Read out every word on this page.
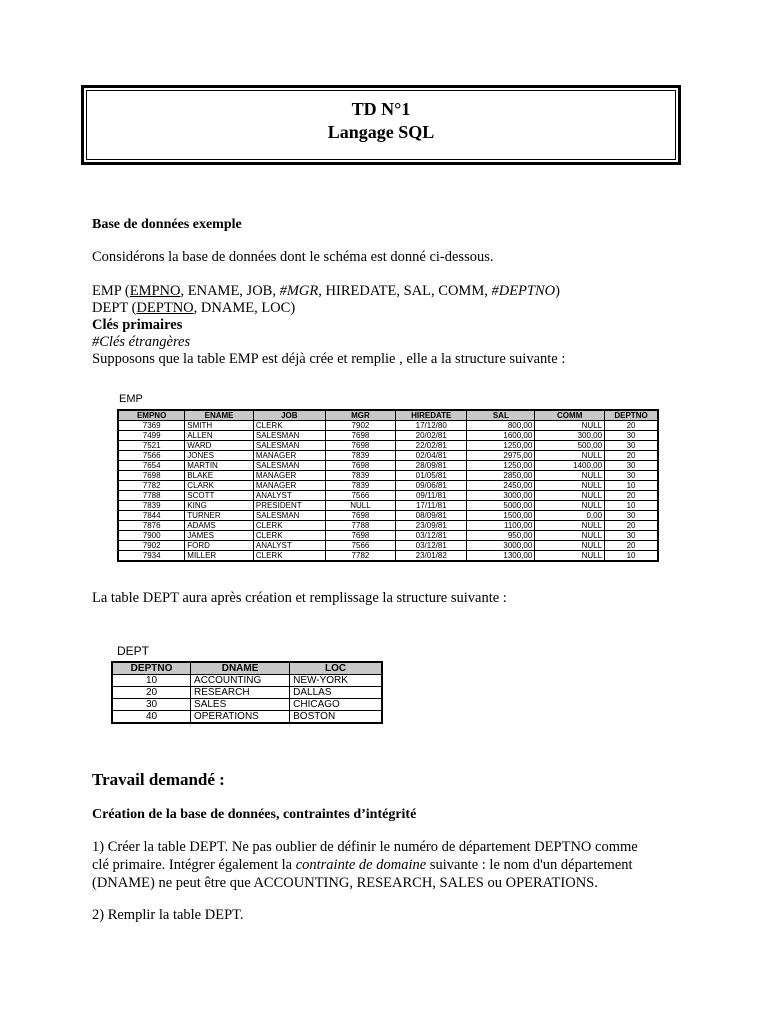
TD N°1
Langage SQL
Base de données exemple
Considérons la base de données dont le schéma est donné ci-dessous.
EMP (EMPNO, ENAME, JOB, #MGR, HIREDATE, SAL, COMM, #DEPTNO)
DEPT (DEPTNO, DNAME, LOC)
Clés primaires
#Clés étrangères
Supposons que la table EMP est déjà crée et remplie , elle a la structure suivante :
EMP
EMPNO	ENAME	JOB	MGR	HIREDATE	SAL	COMM	DEPTNO
7369	SMITH	CLERK	7902	17/12/80	800,00	NULL	20
7499	ALLEN	SALESMAN	7698	20/02/81	1600,00	300,00	30
7521	WARD	SALESMAN	7698	22/02/81	1250,00	500,00	30
7566	JONES	MANAGER	7839	02/04/81	2975,00	NULL	20
7654	MARTIN	SALESMAN	7698	28/09/81	1250,00	1400,00	30
7698	BLAKE	MANAGER	7839	01/05/81	2850,00	NULL	30
7782	CLARK	MANAGER	7839	09/06/81	2450,00	NULL	10
7788	SCOTT	ANALYST	7566	09/11/81	3000,00	NULL	20
7839	KING	PRESIDENT	NULL	17/11/81	5000,00	NULL	10
7844	TURNER	SALESMAN	7698	08/09/81	1500,00	0,00	30
7876	ADAMS	CLERK	7788	23/09/81	1100,00	NULL	20
7900	JAMES	CLERK	7698	03/12/81	950,00	NULL	30
7902	FORD	ANALYST	7566	03/12/81	3000,00	NULL	20
7934	MILLER	CLERK	7782	23/01/82	1300,00	NULL	10
La table DEPT aura après création et remplissage la structure suivante :
DEPT
DEPTNO	DNAME	LOC
10	ACCOUNTING	NEW-YORK
20	RESEARCH	DALLAS
30	SALES	CHICAGO
40	OPERATIONS	BOSTON
Travail demandé :
Création de la base de données, contraintes d’intégrité
1) Créer la table DEPT. Ne pas oublier de définir le numéro de département DEPTNO comme
clé primaire. Intégrer également la contrainte de domaine suivante : le nom d'un département
(DNAME) ne peut être que ACCOUNTING, RESEARCH, SALES ou OPERATIONS.
2) Remplir la table DEPT.
